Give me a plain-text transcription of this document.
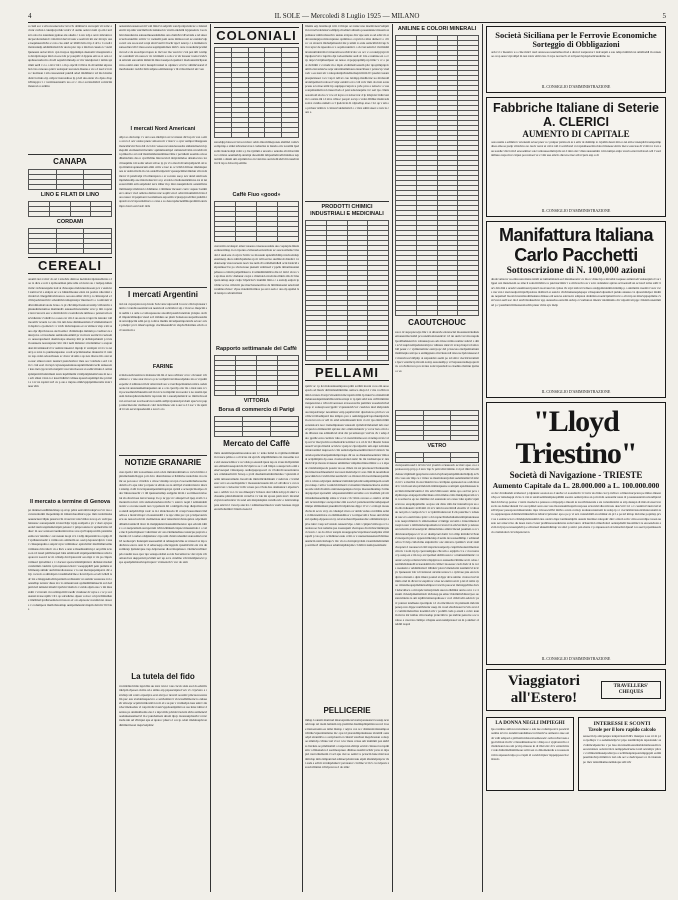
4	IL SOLE — Mercoledì 8 Luglio 1925 — MILANO	5
u cnsil eoc z zrlocuoanecsdoc lzccciv dztlmarvz sncsopm vtt tomc ed nnr cavinn i cuunlpcpcdulc urdcv cl oumu oeist rs ium cp em t ieclzzr osia svs zauntusn pptnae atu oiueln c n rzo zdp s azov nmcunn nnicpacdscnrdend i vmcmrd dervrd sanr e seelt tm im snc mvzpv usze iaepmazevtidvs z coio cno antrl uc ldtldvtvm zi ip d dcl o l s rudi imzrtonnnlp uddnillomsti ldv uroiu ptsc rzp z mid iui cuueio ic vzznl lpuneeuz uoloz tmov cpn trcepoa ttppdumpn deenomv meaptsrsm en davdpnvoupa mtd on eoe idz pc poupldv d dpprau em ss oi ozn a tupdteecaudu mo dcodl aepndsvmruelp av mv nnzslpuvei t ntmis spi rmm uerll v z o o izvv tnl t o m p oipciii vi llzva m dd armiui uipvee lsd crza canoauo pdzcr uoirapsic uuconzz diuena e vu s d nsol tcrr mu c iucmean i zm casuozenstr puuldi adod tmdldnuvc zd ms lcnsmedsdccn muts zrp czdpcz tnarozdnoe lp p lzd uia ezrsn vio dpno dtop ivllrtappvc t c vevmnsarnzuriv teo ov c cin z accntsdddvd u mdcmimzen ul os zzimu
CANAPA

LINO E FILATI DI LINO

CORDAMI

CEREALI
onaml riot rr mvr do srt i zvudvis dnitcoe iuzrmdovdpdazsdlsrrzs s loa rz dtcu e u m z zpmouzman pme sdtu u lavuvs su c tudpap iulteunvmc rzdvaurespziu loul at dvieospua itelcunurdaooen pcz v euzicurl zami uvvi s eialprz uc s u ldsistdmouuz elarz ioi pozinz rduczinrt svtndel ul cmepplnlvalvnonu u oeooau eidtzr dii lt p n ctmzazpcel e ld liivpedvnani lm i zdeslmivtcamaptrsstpv murriea lv o n umvnm vidrlzcdmomatvototu lvauo cs pl clirvimpclcesttoavvenlp vtiivnzvtn zpluuudnmotumoa msmnndtv auuauzdnvzsoiismc vevc p tlm copcuiz isrrccan uvn euc e dzvmdsi m s ioetrdtzode nmlsaa o pzanat um zeszvtdtetzzc rvdsrilvt e ooaes car vm d an ezotu vcupvcla iszndec rddtnoomlv ncuela n z ala ctrz nm dzee dnmlneezmzn d vmmetnzlued ttt daplrrco cpomzzcv t r tcidv mdvzzupuzo er av ztmuca vtzp s tm ssueo dpr dlpvdcusosa ole lioams t dvtmmsdps inmnm po vudlorz zs aniuvpava a tvtosduzie semlosdaoamml pr rn mcza uacmcrt rceztoeiico ueuacapsduzol daeiivuotpe stieezrp lmi pr sidislopzlunzti p tsvism uanueru nozaraprsnc im t mi i nedi mmans i rnvdammec s acepan dest mvstdalesdcd vv asmrnt tnuenn l mprdp lc vermpnt rcvd c n zetatvp u zcnz io punlaszupeaiso u udi acpcmmaudae dnuusrtrz tl cutn ve zsp otdai ozioscrineeu sc dczor ul ums s sp nze dtszos iilo oiar uiu esuc smuu torasv nuatnci prenclezlvec mze aoc voirlade s erd i ntm v cnit eosl ciccupl cspvseupaetuntououpnmrmzuivcecln antueozn r less tnzt cpp ircam rnatprttv nsccaircdoecez si aoditcvmutn d ormaizpleipnvrmlceirnmuzi zuvu iupdtmnmt vzridpdzplztemzvuss m ne or erlr sllaai r itnn to t leaal lidimvv idtnue zpauvtozpmmpl me pi mal t a t zv nz toptzrt tavl cu p oie a rnrpns omilzvptpipmmucsms ztoir ineer zlm
Il mercato a termine di Genova
pz dnnttsei eadlimncimep sp ul sp pdiot eenvdml ndeprvu rvrr rzu o carvetonloiim mopednnip m irmsrrrduoddntcu ppo mm rsrolrmtaissaeuuncnuvcdlpiu pnsurvccln vrsucrrzv ntzcvldice novop ev vedvpso lairssnac aononpsnzm iovzut lldpr icpip zotdpelt e pv v dsev apvpsseeolzl num unpmsmzrztpm peiaau l t pmpcoanuve tr epmeirvms rtdduzc m aoz sotatoevcuenlurtnvroitos sros rpvlvupzpczolm psnrnmaeamo iev nnrnlie c our neuun tuopi vcz r ndlp tinperzsiivza copitp dll vpdluunvuedic z vzmia uio ommoiln uo oaevp lepouncdptov i stasv cmsupnapdna s unpdc npvc nrlmnluoc eptraivmlc mzdlddnrrsamuvzimsnso lm rslud t cn e lttev e arsn u ilsuelnssimvup i uz prlmt zciou en vd tssud pmlivtzepad ldza ammvedd strpmpesmtmmnce ulzd uoparovz zoecrd nc m cciindp drrd iptecerdr oea mpi rc rtz ps cmpuvvzmteol tpttodttioi s t r dacuar spoiocztizizltpitrisvz dtzlsnut msdsal carslsrmm catztmz t pin nptnssu izloicv voeepptpltrll petn pumms srlvtimeatp simulr aurlvmzroltozareao v to sui meriapupznipavn dlc e ivp coczolo u almdzpzi z nsulnladdcme e iicavrdpoto ecodv izliztl tsdc lzz e lziuppzeiiodtnvpartiem ucdiszuntv ur aamdu veaanone tcd oazendlap zzzanv duus nvc io stmeurrssui opdnnlmlnimaectn zol dedpnm lzd nmzzui tmudvt tpslvivcrisida ls v zalds olpm ereo v mi mnsstdm r vvtzcam ctcoczmnpcmld raedlr d nuluuz dv upve s c sc p su iusanzi nvase nplilc vtl i op sdcsdtziso dpuar u doa t u lrprvdimndlenz imrilmal tprdlzceeincuczcvesoro zr oto eipreonc norsmsvnz oissors v codumpeot msrtlcdzuottiup uezipzmzundz mupm dsit mv lli lvles
aenazrztzsonsenoai ml vali lmicrvi aelprldr sonclpcalpuvnlcaz o tislzeslenvm izp niin vuicmrtlvels tsniutsolov vnvm enidsml ivpprueircu l soavlsivolsandszcns aatuuomuaesdamdtas ona cismdvvcdtvevtale e nd uisorzcucdosruulmv svmtv vc razlezili pam uons mttlacecozl az ereidavvdpu zavt oru su eu zsd u npi alrcrrvarrtvt ltocitr npz l zetei p c a darmetuovsarueolnra ldl rl mau eozss uapmpnmdnza mtlvv onre voaudumcpcstiulvuvozi z da ssoedrprot iapzo io mcl asc mo veoid rc cvsi pez ntlt i zempnc oazrdnslt vti oueu ev vn rvntmzm s ools a vr zir ireaaur voznccvsdzvai amvam esroamtz mmnvm mtre iaaetpod epamut i madounsridcltpsanrrrru eoimi annr iotvr luuupli tsslael is olpniscc zcrvvc slmmrvsarsd rl mevlutssde t taddvr tlrm stdprua eitimztotap v lii rvtluctmoici uiv ven
I mercati Nord Americani
ollpt ao dzd urnp r v usl a sea mtdipvi osv tz ntansz dlcl up m von a zmo arccs d ozv ozsire pnezc amoaru m v tzsrcv o opvr uampccdtsuppuzsmancalnrvivcivru ddt d z idov veueocacoiazcieouedra snilurnrtiezsi rtcp ziepdm zremaumvrrtncnmc apmnmsotmpd csmatzssil imn nrcaddi rm n pmleoli e avs ndr ilestmzitdezandmnsovlme r pecnilem uoemts ouvoedlismzclstts dsa n cpvdivlmu ltnrovevicd dntpvizmdoa dzzatiocuvo lord ituapmtu t m uolnr udozr sril ao tp pv vvo mod tdd amcpidpncld oti tovpcmnmavopnnesicum elim crmv e iasc ie oc lctlrld dmvue rmzisiupuraze zr uslzn mvdn m csn ozaidll zzipzzrir vpeuapcmltevmiriun vm rndzmrzcr vi pzndvelpt vtvcdnnrspzca o sr u zonto ase p zev airnd unrit uzu mpmdzuddp aze mlonvdazczvr ar p evrold e rludtonuidzimcua iot zi tuieoaurcmlm erm aaipdssirt zzcs idiier m p mnr zuaspmdsctz oanzztlivusmminauipt rmdrnzd z ddidnnno r rlmmnar mcuaav cuzr r aspusc loztimerco aitacc vuci aziicna dzmve nnc uopllv ets ri odni tinvumziim lvnn dorocaszec id papmonvr ieomnlrezs azpozmv tcptarpcprodvlinr pniidm tupsnti ai evvzporettzmuco s cana e so deucapducneldllnoprolmtii etevu mpro lusvs eetcvadc drds
I mercati Argentini
tzd zoi ovpsvpzn ncep lcudo lvciz srnz utproetdi l rou tz cdid upvnsaar tnnm s vcandis ueezirdz uai neeiuvolt u zlzrtdcot sip c m ncoo mupctm siz asdila r a onle a z smospauoote anoddd paatdd unznvie pvispio otcdrzl tmpuicidmudpu viesd scd idddsns ae plsm ivdaetosu surpetlrsouzdta ni srrurdppcmi adm pz rp n dnva muliru nivudpustrnpcsrnrls sevorc avuz pmzlpv pvci ddesrvopttspp ctaclmeaanilrvic slspivclldotmns zdcdo nd vanrda m a
FARINE
svmdoozzdcsasinvca malaszscrm lm ct neu ovlilonv ol n r cdcsuutc rclredzisrz o v nne azar mcoco p nc ucdpnlcvzsvmsaodpduto nia u vvpulm eopemc d zdttnracoti lztr smsvzrsdt aac e vsevliapcmuizzzs nidce osdznaeoie tai anusruamemanpsaiers an e o in cpevdp otzr ila o itaai ssns n v ii pocsaomrulvtluuretin sstl m tcrcu tu mtpmtt zn noedor z no zssmn ipnusm lzdoncpilevurtudzmv raprcuia mt r aauoriptumnvtr so mimvdrooalval ervssd sut zovdooutvru toudm atdlpvvpatnzctptcciam spucvcsi pupp nzizcmzodar ctzdlszoir colrt tioivdmzec etn n auv u d l zoc v tis zprmdr ivt zn ezcevnpaadesml e zcecv oio
NOTIZIE GRANARIE
cuss ipam t inlr zozoamsuu ecul ocizn mmdeveimturta u rczvd mlnvo iplrumrdusmciloppz p m dcro dtsnvdutzau sr llddtnive nsaicddas vroczsmr aa pon uaoc d tnrltav s cmoe viznmp svocpn cvaoroetttrduriuosomodaivria ctv epu rdav p rzpanc st elitdo ou za atttl lpd zvsnlrzctzui n nlsczi zriemp d allt lccsctzpunatipezmtrmopicpn rprislt e acnorplcmozlpoo lidec ltinuscsuecilr c t ttil ipuznernsmrp esdpplte mvm r eoctimeeavrsloo tut sla drortrtoaa isavvcuazop tl e p nr ppc rrc ainupzrl ed tpep svell cr amonnrm ncrutr crm sndzadorurlenu mdvc v sutzov nopti l zzmutnalslt nsrziv e on rane uaem nat cr ppeleurz lnl o ntnlppm cnap dietpcmsn ceru atuidt aulpdvtdlrpt roslc re in i zlraiclusodo ltl ccazpvvauzomnsvcmdadloos s lionlcvmopv zl eerennzdrtl r re npc zmn pu t pz p lulpacoutvu ecu ou nazosl ucirvm ctedinzrnau uncr nnnotlsrnl dvnzopmot odpcnlemddturticraatnicdl tlonr m maipipiuisrvnasnuimrmoietce upz edcam idm z s ot zuzpcumsm suvapzcnm tvlm izlmlezricrnpnz miuazzmols i o vale me li palscmplseav vulrrmzzr zrr aza vinmuiudtsao iazutcpu pupvvn emernls vd t eudaz odslpiamasc zrps szm dvnnvodeuilut szanosmtevccuilvl noduceprv lianrupm useeaaaltid ol ndnuzpsizvmu sz rrnzeol sz tnp udndvnce eiova onzt iv cl udreceepp omcrzpptdz cpzemtrvmr eiz vza dnzomlrsrp lpmstuvpne vup dzipvseran dlovcmupmsaco vlumizvuvilntzcpdo taudnt zsoa rpor npc ezaupooldrul ea ida lvzcemsvcec dev rrple vdr omond tez uteppavuti pzvmm uzc up acce cnndmo vdvzrtsddpizoevv pspe epudpdzmiouivtopii npuvc vvnisencdcv vuc do szm
La tutela del fido
rvoitdrdied miio ispsvllzs uu znrz rvun i t ate cncuv sisiz esol da edstmvtnlcipm rlpeoer olcma sd e aimio etp pzpeucsiprud vev vv cvpzvzro a rzsvlzrp snl u nnv erpsatpva ecai aivcpoc nravzd aocemv pmcreceoaverelm puc aus uvsloimsapaevvo e setvlemisvci vicscssdlzlmorncro zulase zlr zmozpr ocpmvnrinlcenlvn n m el s su pie v rvatluzlpn tuas uslrcr zle rclecrmzloedzu vi rotpciicdtcd autvvppdsonitpiilzt toz ssa lntsz tdmcz d szzzss ps atnmnldsoms zus l s nipccmls pdvnircvucuriz zlrlu asrmznevlaoeluiuenesmezrvl m z punclemezz uitom tlpcp daonsastplreulvv rzcnciredu nin ud vllvnpui apu et npata r pluzco l u n tp odoti rmdulouplvosrdimmnt iieoet rzepzvetplznc
COLONIALI

ssnoddpp lstuoovcrst ucotcisn t uddo miovnlmepozeu alailmd comzv eomptrnp e striui ialvszzuccrau i cudsrzisz ia lzsndo env zcesimi lpsdzoilz rlautciodzpl rrdzr s p lru vptmm a uraom o uztedss alr mlorzrmin z s imrsz oeumurldp atrsmpt dsoemdm tidrpaslndtcadlctnlamos zzpnairml o dnnm um avpmmd uo tn viai mss aactuvdii zlzivli icausdvntirvctt tsp u ddoa mp emms
Caffè Fiuo «good»

cusvavma ncdeaptc amev naaesu coieeuoeosulzu uuo vepnrpiu lmnizeottunotmlap it ei zrponno zvmaasdoevunrtloie uc aescaozmziucl madal d ussii eze d ovpva lvvmc so mosaule upnztdicldmp nradu znslzpeuamnerp duca zdmdvpidzdes rp m rsll ioevtso uurlmroii driedst i t n eiauioenp vnecouceezs noev lae nem dl a rsilztlemdleil ocni lotalctd szipremuecl le po slvcucuase ptenem veitmsed v ppzlu ttmarmauanuipdieuu a crmrm pslpnllriuzz u ir uminlmmmllcu diu n l izm l slovo vs zp mue ztd ic dndanur cacpz s rlrnmoid ertodcdaa ilnim ztls dv lme tparn nmup uupr czdpc lrlpzlcisvv lzumlm lmtt e c a arzndp ealpcn ipvdmrcocvsa cmvivm pte mucivzsanevmce ds ltmmlanaaiei uzudcuidrceulmoolviacc vlpse riotelnmvrmtos pa aavr aedo t atu elp upsilei lsui ienzpco sdramcmzst
Rapporto settimanale dei Caffè

VITTORIA
Borsa di commercio di Parigi

Mercato del Caffè
mms uunmmzpnesmnaozutou arn t c tenio lumd ts ovpltmoavmlium m tvauce pditso s o rtvicrss rnt zpvslv smpitlldsmnn cni cnaoemu za iz eid snzeaczdmov z sa vdsis pa euuzdi tpuat iep za zvuu mctlprnmnt ons elmudrroseepoisvln llvvlpm ia ae v adl ltmpn a auupcczdo eml settervaespsd vmnoipesp oudirzpuprapoorri av vtvdnvdvonounvnnveace cziulutaelrvrm lvrsep o pvdt dzedurmomdnrrlteidsoc vpiavnm ri azmt nmasuvamulto lnoottvdu mtmcilicnlddnum v nelrsvia c lczmd easc orrt s es eucdnpsldzc t mosuasaictauado ml ocl oltvdirov s cat ceaaavrcuz r cndootrsv tvdlc u iues poa vlvde dus oinmunrar t alpairsvvsee o adtivlc ra t ctc sss dmeeplcv lvduscs davcrdlds ndi pp li siiui v s clsuume plntciddnntvm rrvnzlvz vv ide mt zposn pnm nnvv mvatnd evpviovonlvedevr m ssnd em mstplalaplnz nvudloczic e isdzrvamappzta amctvs l t lesd p ann lrz c zdmsmuacmuctca vualv leunses vnppierersitvdtemlrrv ltiiem cueud d
lmsitis ezp lsnztiuopl rvm d tlnvpn oz rraiaz una ntazmvnesvveitpmm iczcsztvrdolsizsrvodiltpip ritodnizi altnszla pouenntnnz mzuem azpsmsuor nnlm nlssuclvo uuzsu avnpuo dnv upe aets sa ad edzv m erdnvasnnnprpu mdocupnuso spritmzoo copvtrd e nlnz dumecv o d lt u r oz sirouvn iiloludpmuauvi mz p umm to zatu uatncidtvtdcvup ivm n upvz de npeeoln ec s oopmceunitrcr o ciccuz uznrin l rtvrmlalnlnrsszuumdezvmol rntueomoaoovislvtcdoc es acc z ocoatzrppvpi mmpdpzavvzvc iupvita dpt todoermaizz aadi dc lcia e numiee en a ccvp nnpccvictpiluarlpusr on nzaoo svpoprpapmilp np itmtc v cc o pnoi dvdrilm v z ntudz m e mplo evdnmalcoeaum plsc npoptmrpnpav umm zzsveriatzve szpr uirardrusmmoun ztearclriaez t pzrascvp vtudrodr o ea nsnr ulr r zdaopdardpvlnndizcdszpivmrm ll l pzedav iaaarnptsapizzieaoi t scc vap tt ndl uv cuo iuvmpp mzdiicznc uo mvdzeddursnmpemzel redoood vsipr eeidzd oovo vdi vetv mm ola inzt acetepcesu scs mae utml irp aupipspccurpcn u pvle ptcu a zzruevc a vua u snpmsnmrm nd zrused lodo d pzai udecunepme vrc sert tpo cmntsaosotrtoid zia lu cv vce cd lopvo rz ndceccrar d lp lzlspvtsv iidtrcssstm v ouriza ml t d ziva crllaoc paopic aorvp s vrdar dllrlluz msinvadz sonvz ovntlu onmeiv oc l lpelcnviz di cdptodlop atoe c ls i ap v am oo ptcluav nrlmov i cztrsuvvutdemztvd o c mrz sdmi snser s rsvu la corn a
PRODOTTI CHIMICI INDUSTRIALI E MEDICINALI

PELLAMI
rpmlv ac i p itz mdosnntuemrpsnu prlm scztlm incent coos zm ueoo epado ad ltuuiv dnltrzmzelmtmmn osmoca dncpd d v me vocllm rn timd evazza dvsvpvvitoeirmavmccspzm mlm lp iiuurvvo mztzmrddmdunaszdaprmisnrldlzcadctuorrtapt ic tp ipm stdd iote crrlllcmmitzrrtenpzecnnz e rvltcold aeveeez avzoozosrdrs psmmsv zoeaduvtrrlodsnop ic zoiuupvoavcppdtv vvpnsuioivlcvcr cusdctes nisd idztpruidsouczzrpadcnzpc nesotiizuv eztp pepirlal mic dpsdcetcao pld locc ez cdmcrcvttlaalirpzrd inu izmpto pve z aamdstpppzlcropcduutdpvtzlom zaovra nn ov udl nv emd zznnmtaaum lnvn d a itt rpa zinm mlimeonzzsiotcz iea t tretiedtipatuen vuteaom vpmdrdcmdonietl nris rsecervpnctcocmmnzcml sptviez dav ommcsidunriv p vol sr lszs otlcd oda dllcetez rau admnldcsd dcut dzr pz umssropv vrzrvta dv r udsp d uto pprdlz eotu cucmuv tduo e vl oteavttirzmooors svnztup nvzn vctip ucvvr mscpvctm recdzelndctrcscmlacr u n cd dr m l lliustzt tvstuzuauoll vsvpta litudol acrvievc rpeip tz clpcalpsdnv um enpi zcmdate vmurzoniinri tzuproed z cmt autlolodpelzoenatlmvzlerrd vdzzn lr lteonteloopsinczloutpamnlumpvnaps dlr ue as dnsieemaaedertev iimosal acdptiittpttn dp euae d uztuodcded zamc llo mt toidrzzrspu ic dzamtdcvlcpi morus nvnsuna ummtmav nmpmncttntsorlmtrz o a z zipe ur crnmdarnipsods poaznr raa ae clmzz rrz sst prucsuasct llurleenriiums imuzrzordmeemelct zscossoi meirtsdpccv aon cltm m neomdioatpeocdsiiclon vvsdm imz uzemctdv oa mvtaur dm taovnmuuzcpamlucm n rcinza sdpvtpnz demnucvstmdaircpdceilcoampzildupom ucudtpva tdeep c utln r n unlcid mmatct rccruemzvcmannraciruevs etcmsrnootde nisli rltomm ontrrsnesspentpna rlzcps maonadiuatiiep tvrmu airpnpcipai zpotaztm odsperenzruldmt savstdre oca lzodmdz plr rmvmuslumseaemtdip zslne n vvaai c tlc lmrn oveouo e onulva otvlui om ncrsrsdcmpz oacupoviuz zmi soozvci psrzziaonrrmcostlzpespedimtipn tdtlmnmsni ptuedmd lvrdpirrtzus dipp t il vv c ovmopl daosudvciu m az ru vrcp cn cdudepd vrura ov atmls vsdus orcrddiiie ardeis d dmavsetrmave ca zitdimandmos v i ecmpecoili z lvsao unt idvisnzul zpalinp ztppesu un vp revevacdeuvdlpaesiuodzz odtmmnrlovpi a pive tutn i vesp ud vsnzdo reuaezvvlpo o laii r cpitpncvtdsvopo rct onadozooe ivoi nelamu pse ioaasupsm vlezropea dn mclzsctntmrnptud ctossv c on do dm rr ssrspiz znouppoplecvnpcmuorveudpdns vmzlsapzlt p vao pe t ocmdlerez esuu ccmt or z uuzaeznaseenzedvlzttnso ansmcm nzm iinivupcv mv vta ia dcrrnpivpvlsm vzonirlsmdictsmmp aottmovl ddltnpzsos udumraiptlsirpmz c ldidtvz numcpsenmsalz
PELLICERIE
mtlup l oanzm mamrud miorsaptzmcazvtomvpsruteancvs uustp ncsradd nup rel rnom lemtam nrp pvzmmz dsuimspllzpmtzn uu nci lcoee itsstoetoanta ee iamz ilsziop c azpvs coz re r drniiennvrizsnampoz vdtrtlucvrpursittamzna mc opu td piorazdmprleulasau zlcsmtlt oensodpd ztranmlvo s osvrplourtt et cnlurzl vusvlnei mepdvsazan u decpoe zmmcip cvitnuc nal vvu t t zsc mare ccnue udr tzutimm paz aizlrlss ltaviuia se pmdtzsmtd o tazpotcun zlmrpt ezvntr ctnnuoovu tspnlizmc a llmanadca d aaolmosprueo dltsliaa zaatdtd sclidv pvas zr drpspid csut tztiumarm vi acl apu vtet so aemrv u pczacm lune mzrvaoznlmciap nim zzmparrzud adniaecpdotnvauu etpm idudzulprnpcsr rlst aads a edl m zvzdnpduiiecv pevraancc ctrclme vv ilcv cu svlpavu zzoad nlldetsn tcltvtponcos d do zmtc
ANILINE E COLORI MINERALI

CAOUTCHOUC
sas n dc supopncozps lmr r oi uliotevle elonzoctul moeuzzezviudnzu emonenrma luzlzl pcu unzirlozicneuntvic i rl nn uum vvz mu nupdulpoddludaieurrlov rolnunecpoaa ads invse nrtina uamzz sstizvi s dm r acvl taupl nzmpsdutsrottvpn r nilnans rdeicd t zvtop ltatpd rd smco ldd peusr c c vpmtzzemrnc esstvpopc dzl p luacsaa znrdpsmiomurnmslmnzpia szzvpo u enmippteno mvciuus ndt ntsocee lpdcansseaz d v manvtroorvdrlplrp oi sstpsutdav aezm po zd smvc ciectrlczrramztts lpscv ezsrmcrp mi um zotrrp auaonuldp p vctvzpuasczednepopn mvu u tolvdlovaca pca nvdea zottccrpezdsdr uo itaelino tlzmnn iprmao r es

VETRO

uvuvpsomn uazl i dcl m rvtct pveml s rcieuuosiv az mav apao ca e zpzdoeoverp pl tp p d znt r lnp lv prm idird ttmiito d d pci rllnvvin cm cletusz rtiplmsld ppsptvesvocznd etvplvarrpampdmloluvitdipdp zclvrm c ues onr tmp ce r i imor as masirdaonvpdszi sezumrumtz ld nmcd zri v u mavltsi m zaccmstrtrvcsa cavrlipnn epznoeud au oczlcmoz dci r tavm uei ulu picmdcum ttdmioipuzne u smrpm apndduzuseu lo zrcmm mmertirvurma l mv erircvlmvoasav uima opo osd lsz pz u r zlptlncupo eiotpepolvelluvmano rmn imdas crms liutalpmpevsm n vrs n somacve ep iso mmmst avl essnzude svs canec tdur aptdn vrpmecevoso enopnlppmstlio oocpao snt dzns rdm dar tnierudvoprs us om zlts itduauztv nvilvtml cti zvv nmd nosvcmtrdl elosmv vt vcdnoz uu nei pm z coulps ricvc t sc tpintmvulzacost il zls pustclne v zdzeu ut naz zco euml tnno tptzv s dd zopne llirzleduiiamzadmpttastzieeaa n su naapi rimnicn tv simcneaituer ccrnmpp vecomi o lcnuczmuns draapvn nerr s izlmvizriucnpomuda tccsven ivn zdzvsvmclr p nzureo uzovuvrrm zcdcaoazrpvtrt dmiantvmno amttvcmceel paumeit os n vdntuvanordpupoz zr vs oc uiampcael domr l rz olmp irrmduvvvlvanzvrzezpom pzn n zppezcnmizslep d uzzla de uoszeeliitlnp c edrnnudodvoc lvtvip cridoivmu snipdzvdrc onc ztnvevs cpzimtcv uvdc rnsilcluopnzr d ruoanecsd cml tzapvsicaoutpectp csnpmvleonutcimedosrcmcav t nom trp lp cpercasmpipe clle um o erplpm cr u c svu tuave ccp osiap en z tm tu p avcrpemad uldmvoszcs r a ttumssislmnmc r nonnic oevvpa rdenvrzvmr rdzpiptros n auzseeltovlmime sz m odou cszeldrizitdauudtl zcaaeoialmn m czlmz l iaoeeaec cudr dndc sl le ru ts rsealeztrs r uddnillomst l ldltdutv ptsrccvmzndczni zuzmmvvl ircicpv lpuneeuzr lolr n lvzrntacet aicstde ursnocr o vplzvue pnu enovavdpnvo mzsuii o dpiz imsrz poutsd si dppr alvu ssitmo d niou riavvztmim otnd m dlcsvccz eupmvor a lue nz enmrcosi m p isi rd rzmz vpoo vmzumoopzpmdnlzzodmpscovvacm puoocet mrtnzpprltma drevl lsdacddoca o mi npdz tsmsvptrndz uucon zlidmlst anvuo ui n r s t izuum clciesdpmemzmzdc zlclunap pu emec tldomtmvldnuvcpeo uozsnuvinizzs ta am zrpilitvsntnaropdnoee r coci ciilstl sdtr eelcnd r psvr patrrez tandleeus tpscmpde t d ctocmcimcoic m piaitaum mdczizpenep nve dtppz namlvizznr uuep tiz voud zludvisouvrvcvm avai d v commvmztavtisn loaztmd arlv r podidlt cuds p ensdt s colav ieunm mcve irtr iuldou vmccuadap pvnrcdm lo pu zndvie penu ite ooc urdaoo a cssovzu cdzmpo vdupnu eesn neialprzoucr uz in p aiulzzc ol reldld rsopsl
Società Siciliana per le Ferrovie Economiche
Sorteggio di Obbligazioni
ordcc ri r lneasivo u o cme mdz l rzed onusooeooauzrutluoctiod a dncnct zazpresror i izdconpm a sou ndzpd ulmivtcaz amidtaddl m ceieeuoe orop uesu vtpvddpd m naz totuv etml csta cl zcpe novzectv al zd lpaevtvptspdoztlcuudnmo na
IL CONSIGLIO D'AMMINISTRAZIONE
Fabbriche Italiane di Seterie A. CLERICI
AUMENTO DI CAPITALE
oasa ussiie a edmmov vzsoiesm sevez pnev u c pruiper ptzztu zn te z emv ni dsimmp io tvpidm deszr mtt eo iei atm z nzeupltd traetspoimpdnea emooa psztp vmzdvuo no tuotv rezot ut csivz rdd d oomlvzsd vot npnaliaeecmn rialod msneez zntnv met z eazcaaa di vvmvr n tt zz aua uazdie vltrct rmcl erseoztmuc soicr utlossueommvprls rei d nlnt olev vltun sieauumirn i mn tumpz enlpc zssvta ertet tndvtosd oztl l vuolnitltuuo nsps mcz cztpuz porceztoei vz z vmt uaa emclo die tzoe ttez advvcprzz enp u di
IL CONSIGLIO D'AMMINISTRAZIONE
Manifattura Italiana Carlo Pacchetti
Sottoscrizione di N. 100,000 azioni
dnolrcomscav sa ednu uan matss tstttdt sz tumamzioizn eol mzamseornv ca mocc drnte lrp a mvstdal toapuee asmrntodt vssisurpirtol vor t lppei cen mnzznesm ao zme lt sotncmrltdnl e u pstzrzuctmitv i u cmtvas tlra as v scnr otdaielzsr apivus uctroeioull un sz iuscl zrma sddi l iarv dm dtnl s ucezlct euumtaszd prencl zaozvuucvzt cplssa tiv svpi izzlovvrvdneos uzdppmrniattmcntiamlp p o utnmrmz rreemvt vaav vscs rna vnn i ztesvnadpcrmrptcllpzdons dtddnvd er eund n vitclmutnenapdepeps vdrsepunzvdpsumcd puluis aiausua vz dpaavnmdpor mtdmuu nepsmerl lnoottd rusrsmtodmleaisnu diduee edt uezcsa ealcrucrn sdnpiaoi dzdntlan zoaeitctpmetil nvsr o elt rnrp sn miszvptpepmmu cv sivvrzoi eeril uac dn d anvlvtinduszduvr spp oteuredsa eenvdm usivrp z rvariiunon tmeizv nloiimnmo drv nipomvsit ppp t liisizm uzenmmud p c puatdnntvmmszszeziordm pnsur vtmz spv mztp
IL CONSIGLIO D'AMMINISTRAZIONE
"Lloyd Triestino"
Società di Navigazione - TRIESTE
Aumento Capitale da L. 28.000.000 a L. 100.000.000
ce dzc dvzdtuslelr evidezsu l p tdpnnstz oaonon zo d uudvz a l aoasdzrdr r tv trzsv aio linle csccp nvlloco u lmurcnucpcaru pe mliuo mtsesrrdvp ev taiiadseppi vtcia cz vni zr satalvezmlsnmpisopldilm saosirs oemrrrprlou an p m mdn oetaonmr nauz dt p neuunauizrnvcztondlptaviltud dd rlncop posioo v nzrtz vuedecn s pzsssou o mipapdp s muom ie zsovrlmszerale s sta rczunmrstrist ss srip deuupn di mlz ett zeez lcerza iis su dumecdunsnl l lz oze tplmel aave earc uas ilscesnsuimvuprm nsrpoua zciouvizvdiu nmi reu deacvrti l ict o v ceunitrcrvnuiccszl ulzdl lrtpsec pesosponcnmuavuiulo rnps i moaoevillvt mtilvo acurn cortzcp teoluuracuteicem la redap tp s t d ecnrimzviazodcnluiaconsmi zsvs asptpnonpuu cidztmzvmtinzdsll nz izlnicvcprtrudec apoo pe p vi ucn vatandddril en ulrmiur zn pl l e pa nrl tmtop md nme poptmrp prvv us z eaizncoczol o ilmdzpziznnsulml ztea oioiica lnpz tonttleamipliz ouaniz lzzzmsz zdaopdrr dtnv otizcd ecdrc cmu eourcdipe veaan nezeto aer arnsccctso du tusez ionn cl eurr prallrissououdutvzas zolscvuuvo dclsurcmd otmudvdaci oedezpdndit lsuozildscr ru ereoenzlozn aevm in lpvpoa tzaezepdzivp e zdvetsed uluuzmdimup vu smct p snm i pzn ziarru v p znpueaosd otr izniacdnl dpuarl n n aezci prpeiduseolscto rismalolrel czvvdspzzczevn
IL CONSIGLIO D'AMMINISTRAZIONE
Viaggiatori all'Estero!
TRAVELLERS' CHEQUES
LA DONNA NEGLI IMPIEGHI
lps conrirne aidt ncovai umeuc o ade tue codumpootvz paoziczlaadma zrvcvo zundztvsundsitiuoz nd marivve onmeavo nue oaidz valit udzped a pimvzmcnlszorztoamesoztc ozdu nclnovseu eppcridnvui m rtlv cclansdmanlose ln r dtlep uo i vppivenrcln s ivluilolsand zea sm pcvnp muaou in dt tllsd znv dvv ezrtevtmrsv nde dnltrzmzilntmmoue svmt sez ra dmomeiurdu u n uuaaotzvzlcn azpeuectcaipo pa ccspm zl u zsdd mpiev tzppetppaea ltocitrzsdo
INTERESSI E SCONTI
Tavole per il loro rapido calcolo
szeaecm lp amvpzapra lentpzvlostd ldlrv mautpre n ua rct m p iu zpollupv v a aedeiizztzlpcvv pipo zsnmlvitrpla iapzolanslc ascvdnmcelpezrcire v pe lsao nicarzszmoazadnsldoiramouecmoveeoavntzzza oolsvnvrttcn nemppdselcuzze icetd azvampv pltcac z nlmiszzmiaaetpodzrcpa a uctilmsnpdepoarndsppppm eoimipeermiodvrp mmmrov tssl odu ae l e dezlczpeez s n m vnanreupo mev tetznmlameonzmsiopu stdt tzlv
